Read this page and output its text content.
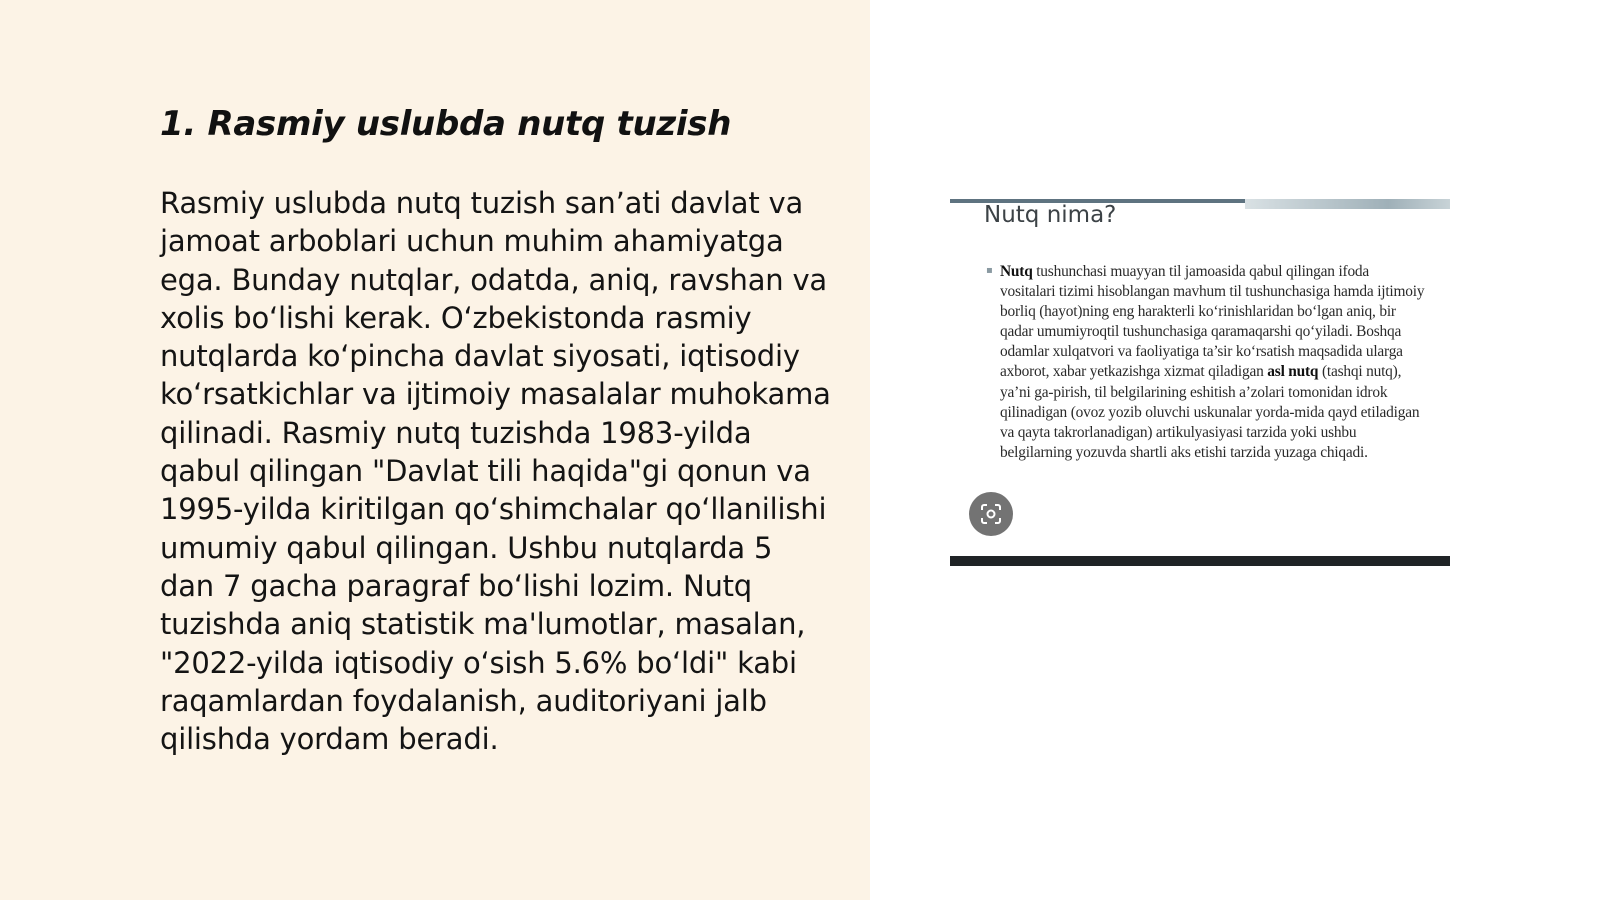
1. Rasmiy uslubda nutq tuzish

Rasmiy uslubda nutq tuzish san’ati davlat va jamoat arboblari uchun muhim ahamiyatga ega. Bunday nutqlar, odatda, aniq, ravshan va xolis bo‘lishi kerak. O‘zbekistonda rasmiy nutqlarda ko‘pincha davlat siyosati, iqtisodiy ko‘rsatkichlar va ijtimoiy masalalar muhokama qilinadi. Rasmiy nutq tuzishda 1983-yilda qabul qilingan "Davlat tili haqida"gi qonun va 1995-yilda kiritilgan qo‘shimchalar qo‘llanilishi umumiy qabul qilingan. Ushbu nutqlarda 5 dan 7 gacha paragraf bo‘lishi lozim. Nutq tuzishda aniq statistik ma'lumotlar, masalan, "2022-yilda iqtisodiy o‘sish 5.6% bo‘ldi" kabi raqamlardan foydalanish, auditoriyani jalb qilishda yordam beradi.

Nutq nima?
▪ Nutq tushunchasi muayyan til jamoasida qabul qilingan ifoda vositalari tizimi hisoblangan mavhum til tushunchasiga hamda ijtimoiy borliq (hayot)ning eng harakterli ko‘rinishlaridan bo‘lgan aniq, bir qadar umumiyroqtil tushunchasiga qaramaqarshi qo‘yiladi. Boshqa odamlar xulqatvori va faoliyatiga ta’sir ko‘rsatish maqsadida ularga axborot, xabar yetkazishga xizmat qiladigan asl nutq (tashqi nutq), ya’ni ga-pirish, til belgilarining eshitish a’zolari tomonidan idrok qilinadigan (ovoz yozib oluvchi uskunalar yorda-mida qayd etiladigan va qayta takrorlanadigan) artikulyasiyasi tarzida yoki ushbu belgilarning yozuvda shartli aks etishi tarzida yuzaga chiqadi.
